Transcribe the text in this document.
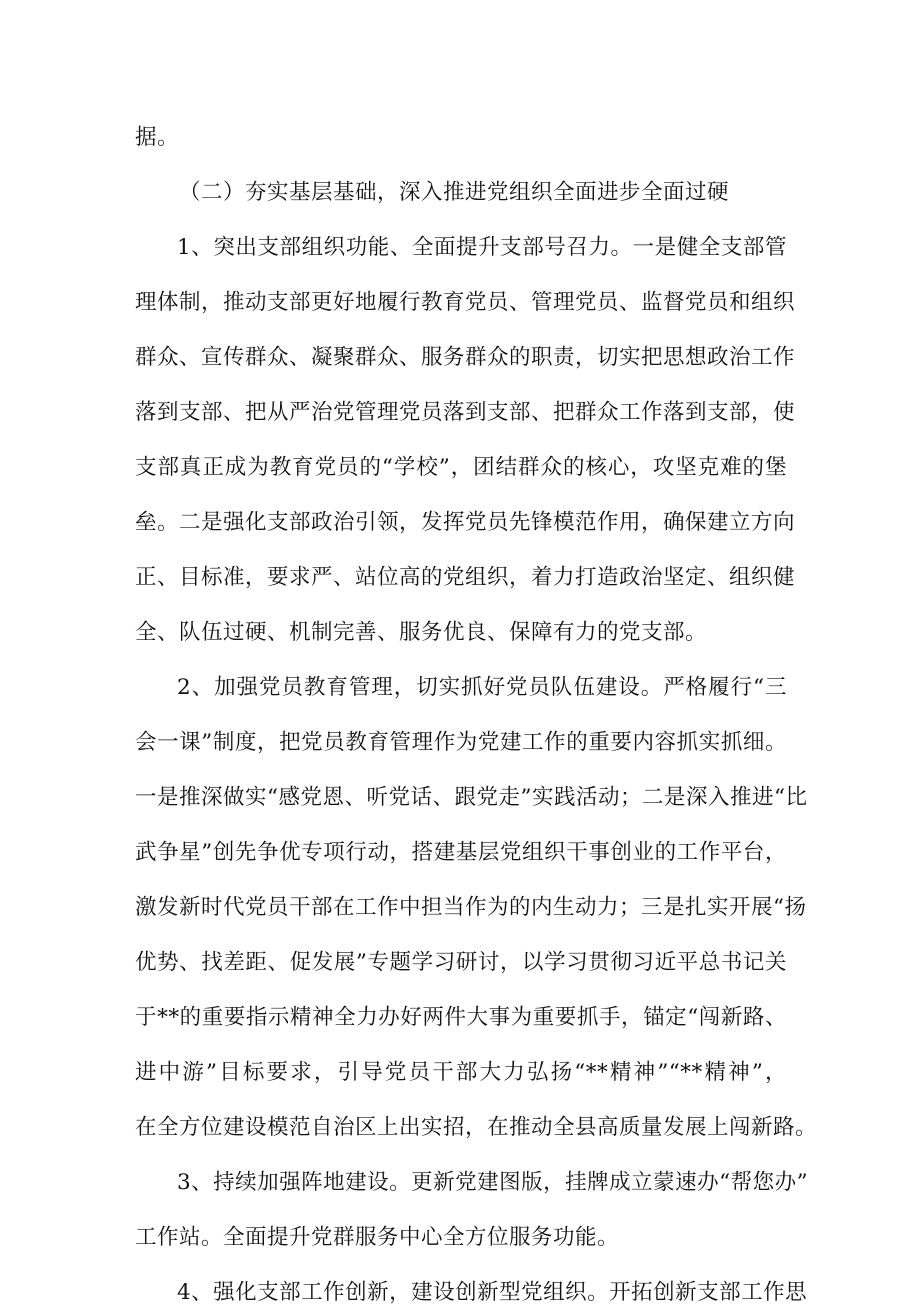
据。
（二）夯实基层基础，深入推进党组织全面进步全面过硬
1、突出支部组织功能、全面提升支部号召力。一是健全支部管
理体制，推动支部更好地履行教育党员、管理党员、监督党员和组织
群众、宣传群众、凝聚群众、服务群众的职责，切实把思想政治工作
落到支部、把从严治党管理党员落到支部、把群众工作落到支部，使
支部真正成为教育党员的“学校”，团结群众的核心，攻坚克难的堡
垒。二是强化支部政治引领，发挥党员先锋模范作用，确保建立方向
正、目标准，要求严、站位高的党组织，着力打造政治坚定、组织健
全、队伍过硬、机制完善、服务优良、保障有力的党支部。
2、加强党员教育管理，切实抓好党员队伍建设。严格履行“三
会一课”制度，把党员教育管理作为党建工作的重要内容抓实抓细。
一是推深做实“感党恩、听党话、跟党走”实践活动；二是深入推进“比
武争星”创先争优专项行动，搭建基层党组织干事创业的工作平台，
激发新时代党员干部在工作中担当作为的内生动力；三是扎实开展“扬
优势、找差距、促发展”专题学习研讨，以学习贯彻习近平总书记关
于**的重要指示精神全力办好两件大事为重要抓手，锚定“闯新路、
进中游”目标要求，引导党员干部大力弘扬“**精神”“**精神”，
在全方位建设模范自治区上出实招，在推动全县高质量发展上闯新路。
3、持续加强阵地建设。更新党建图版，挂牌成立蒙速办“帮您办”
工作站。全面提升党群服务中心全方位服务功能。
4、强化支部工作创新，建设创新型党组织。开拓创新支部工作思
